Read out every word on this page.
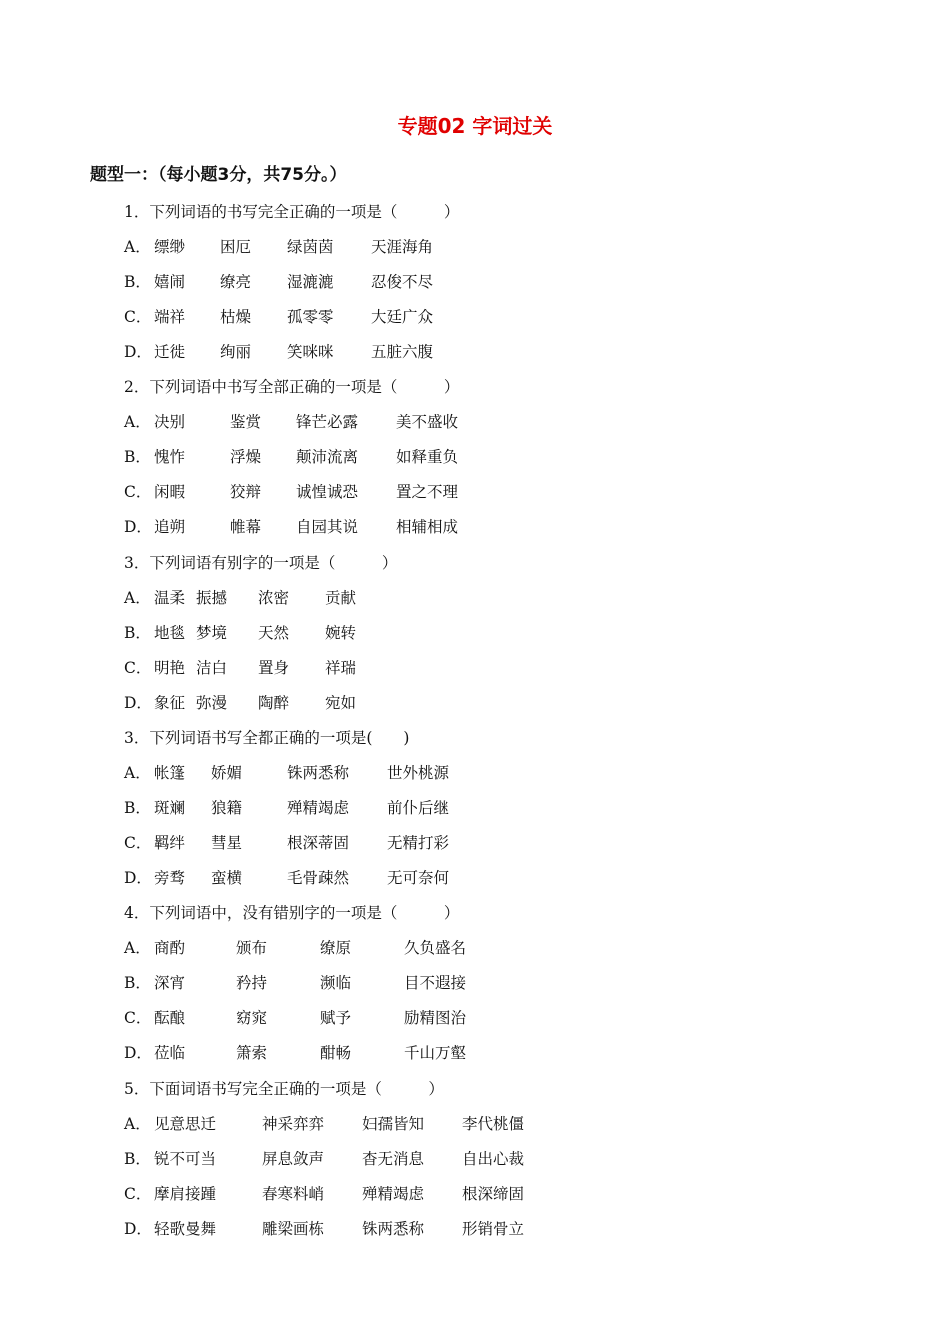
专题02 字词过关
题型一：（每小题3分，共75分。）
1．下列词语的书写完全正确的一项是（　　　）
A． 缥缈 困厄 绿茵茵 天涯海角
B． 嬉闹 缭亮 湿漉漉 忍俊不尽
C． 端祥 枯燥 孤零零 大廷广众
D． 迁徙 绚丽 笑咪咪 五脏六腹
2．下列词语中书写全部正确的一项是（　　　）
A． 决别	鉴赏 锋芒必露 美不盛收
B． 愧怍	浮燥 颠沛流离 如释重负
C． 闲暇	狡辩 诚惶诚恐 置之不理
D． 追朔	帷幕 自园其说 相辅相成
3．下列词语有别字的一项是（　　　）
A． 温柔 振撼 浓密 贡献
B． 地毯 梦境 天然 婉转
C． 明艳 洁白 置身 祥瑞
D． 象征 弥漫 陶醉 宛如
3．下列词语书写全都正确的一项是(　　)
A． 帐篷 娇媚	铢两悉称 世外桃源
B． 斑斓 狼籍	殚精竭虑 前仆后继
C． 羁绊 彗星	根深蒂固 无精打彩
D． 旁骛 蛮横	毛骨疎然 无可奈何
4．下列词语中，没有错别字的一项是（　　　）
A． 商酌	颁布	缭原	久负盛名
B． 深宵	矜持	濒临	目不遐接
C． 酝酿	窈窕	赋予	励精图治
D． 莅临	箫索	酣畅	千山万壑
5．下面词语书写完全正确的一项是（　　　）
A． 见意思迁	神采弈弈 妇孺皆知 李代桃僵
B． 锐不可当	屏息敛声 杳无消息 自出心裁
C． 摩肩接踵	春寒料峭 殚精竭虑 根深缔固
D． 轻歌曼舞	雕梁画栋 铢两悉称 形销骨立
